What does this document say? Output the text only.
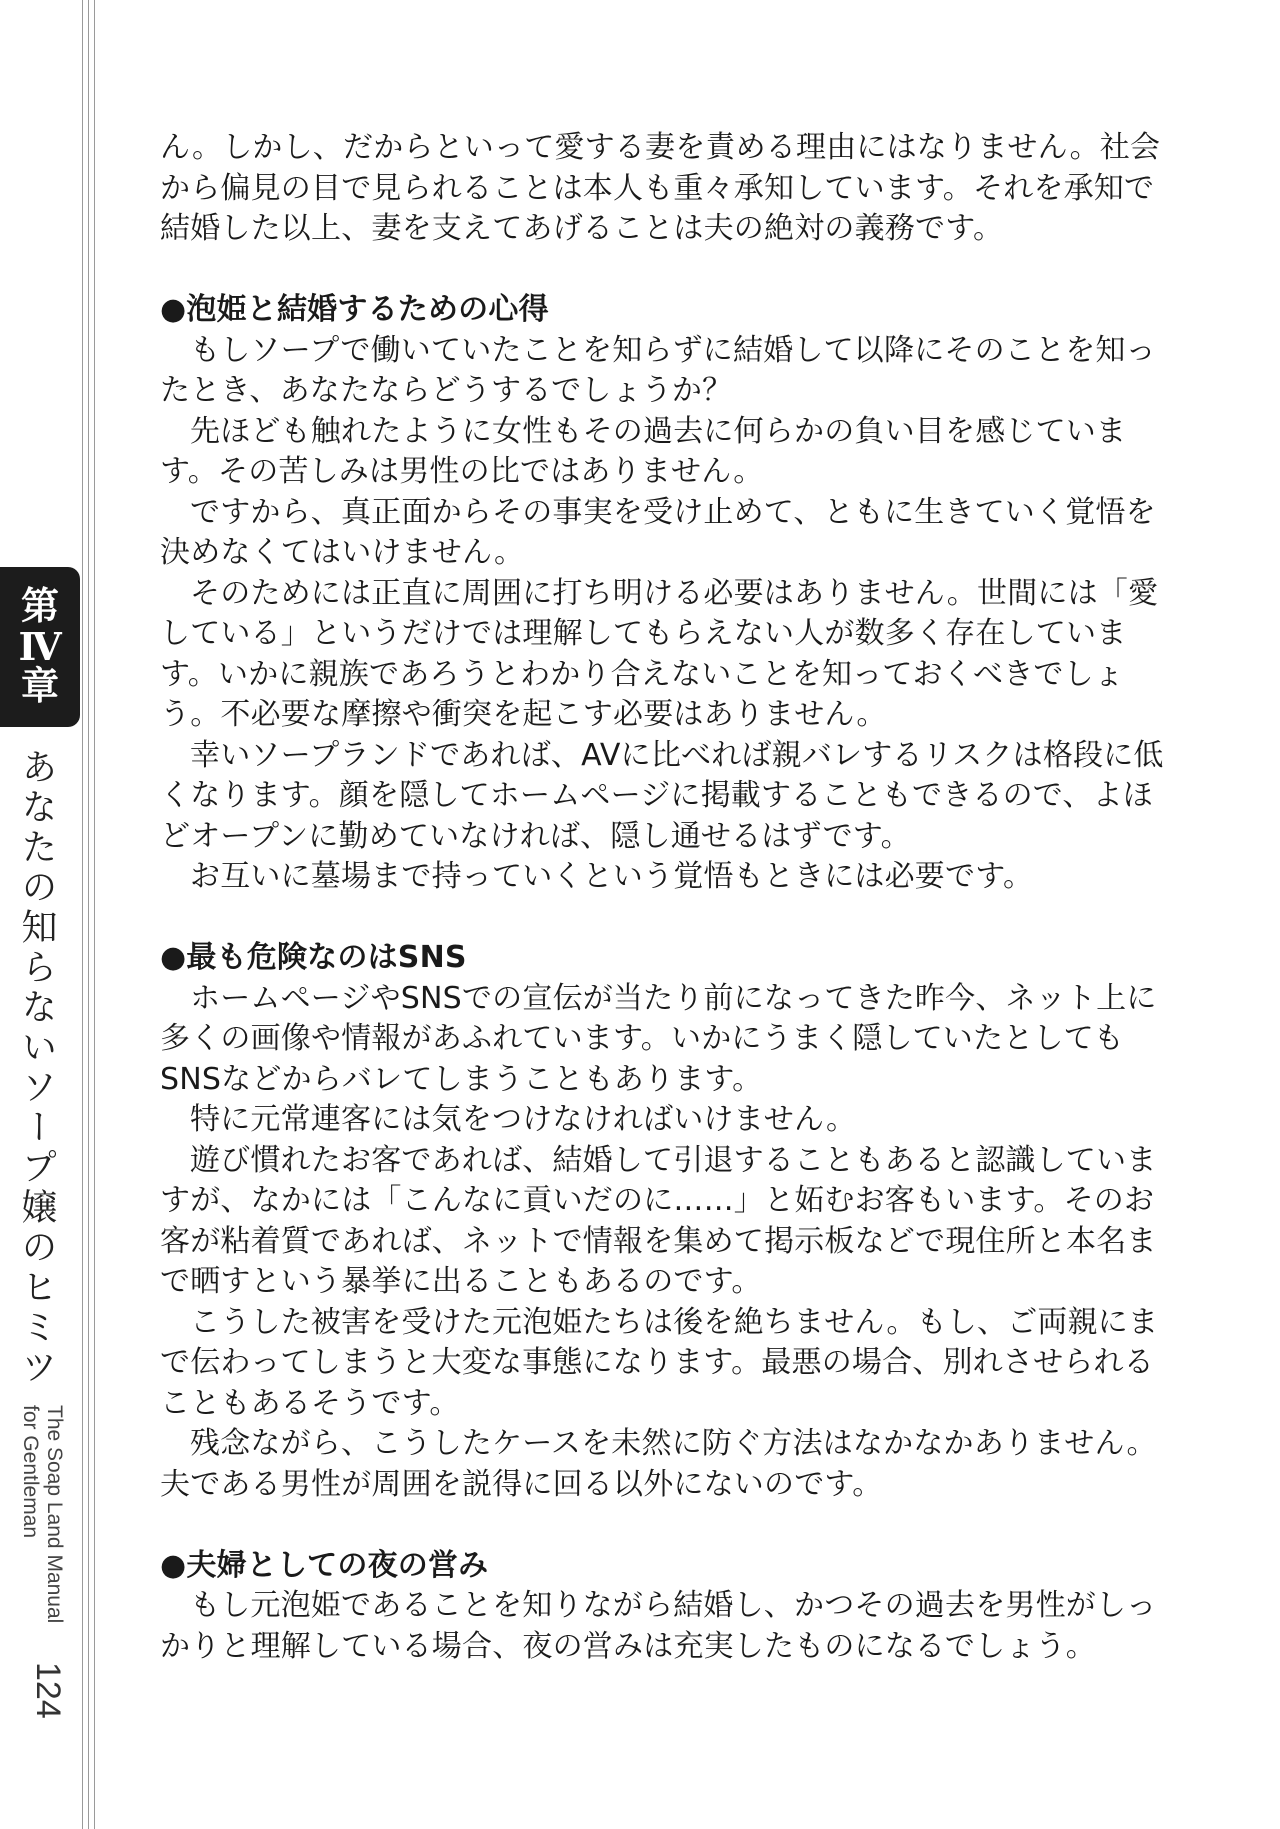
第
Ⅳ
章
あなたの知らないソープ嬢のヒミツ
The Soap Land Manual
for Gentleman
124

ん。しかし、だからといって愛する妻を責める理由にはなりません。社会から偏見の目で見られることは本人も重々承知しています。それを承知で結婚した以上、妻を支えてあげることは夫の絶対の義務です。

●泡姫と結婚するための心得

もしソープで働いていたことを知らずに結婚して以降にそのことを知ったとき、あなたならどうするでしょうか？

先ほども触れたように女性もその過去に何らかの負い目を感じています。その苦しみは男性の比ではありません。

ですから、真正面からその事実を受け止めて、ともに生きていく覚悟を決めなくてはいけません。

そのためには正直に周囲に打ち明ける必要はありません。世間には「愛している」というだけでは理解してもらえない人が数多く存在しています。いかに親族であろうとわかり合えないことを知っておくべきでしょう。不必要な摩擦や衝突を起こす必要はありません。

幸いソープランドであれば、AVに比べれば親バレするリスクは格段に低くなります。顔を隠してホームページに掲載することもできるので、よほどオープンに勤めていなければ、隠し通せるはずです。

お互いに墓場まで持っていくという覚悟もときには必要です。

●最も危険なのはSNS

ホームページやSNSでの宣伝が当たり前になってきた昨今、ネット上に多くの画像や情報があふれています。いかにうまく隠していたとしてもSNSなどからバレてしまうこともあります。

特に元常連客には気をつけなければいけません。

遊び慣れたお客であれば、結婚して引退することもあると認識していますが、なかには「こんなに貢いだのに……」と妬むお客もいます。そのお客が粘着質であれば、ネットで情報を集めて掲示板などで現住所と本名まで晒すという暴挙に出ることもあるのです。

こうした被害を受けた元泡姫たちは後を絶ちません。もし、ご両親にまで伝わってしまうと大変な事態になります。最悪の場合、別れさせられることもあるそうです。

残念ながら、こうしたケースを未然に防ぐ方法はなかなかありません。夫である男性が周囲を説得に回る以外にないのです。

●夫婦としての夜の営み

もし元泡姫であることを知りながら結婚し、かつその過去を男性がしっかりと理解している場合、夜の営みは充実したものになるでしょう。
